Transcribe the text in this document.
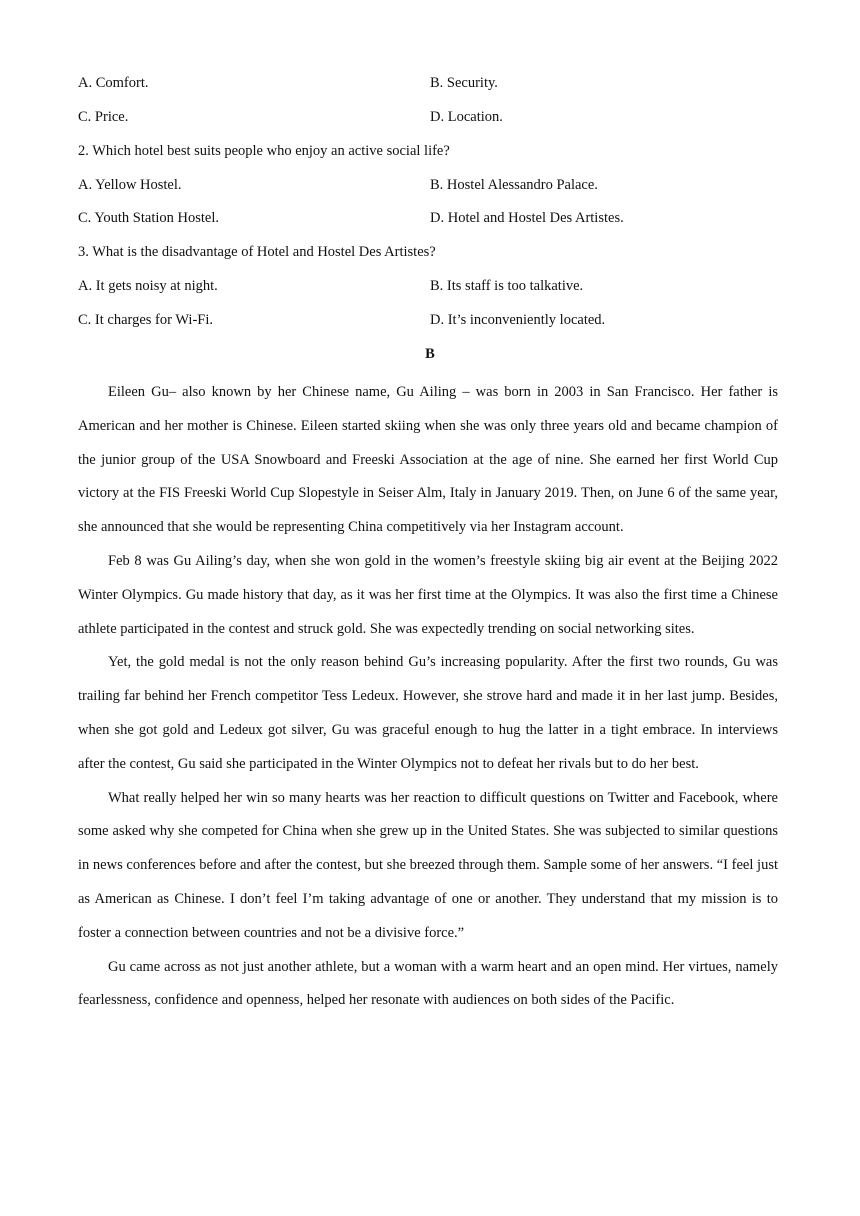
A. Comfort.	B. Security.
C. Price.	D. Location.
2. Which hotel best suits people who enjoy an active social life?
A. Yellow Hostel.	B. Hostel Alessandro Palace.
C. Youth Station Hostel.	D. Hotel and Hostel Des Artistes.
3. What is the disadvantage of Hotel and Hostel Des Artistes?
A. It gets noisy at night.	B. Its staff is too talkative.
C. It charges for Wi-Fi.	D. It’s inconveniently located.
B

Eileen Gu– also known by her Chinese name, Gu Ailing – was born in 2003 in San Francisco. Her father is American and her mother is Chinese. Eileen started skiing when she was only three years old and became champion of the junior group of the USA Snowboard and Freeski Association at the age of nine. She earned her first World Cup victory at the FIS Freeski World Cup Slopestyle in Seiser Alm, Italy in January 2019. Then, on June 6 of the same year, she announced that she would be representing China competitively via her Instagram account.

Feb 8 was Gu Ailing’s day, when she won gold in the women’s freestyle skiing big air event at the Beijing 2022 Winter Olympics. Gu made history that day, as it was her first time at the Olympics. It was also the first time a Chinese athlete participated in the contest and struck gold. She was expectedly trending on social networking sites.

Yet, the gold medal is not the only reason behind Gu’s increasing popularity. After the first two rounds, Gu was trailing far behind her French competitor Tess Ledeux. However, she strove hard and made it in her last jump. Besides, when she got gold and Ledeux got silver, Gu was graceful enough to hug the latter in a tight embrace. In interviews after the contest, Gu said she participated in the Winter Olympics not to defeat her rivals but to do her best.

What really helped her win so many hearts was her reaction to difficult questions on Twitter and Facebook, where some asked why she competed for China when she grew up in the United States. She was subjected to similar questions in news conferences before and after the contest, but she breezed through them. Sample some of her answers. “I feel just as American as Chinese. I don’t feel I’m taking advantage of one or another. They understand that my mission is to foster a connection between countries and not be a divisive force.”

Gu came across as not just another athlete, but a woman with a warm heart and an open mind. Her virtues, namely fearlessness, confidence and openness, helped her resonate with audiences on both sides of the Pacific.
